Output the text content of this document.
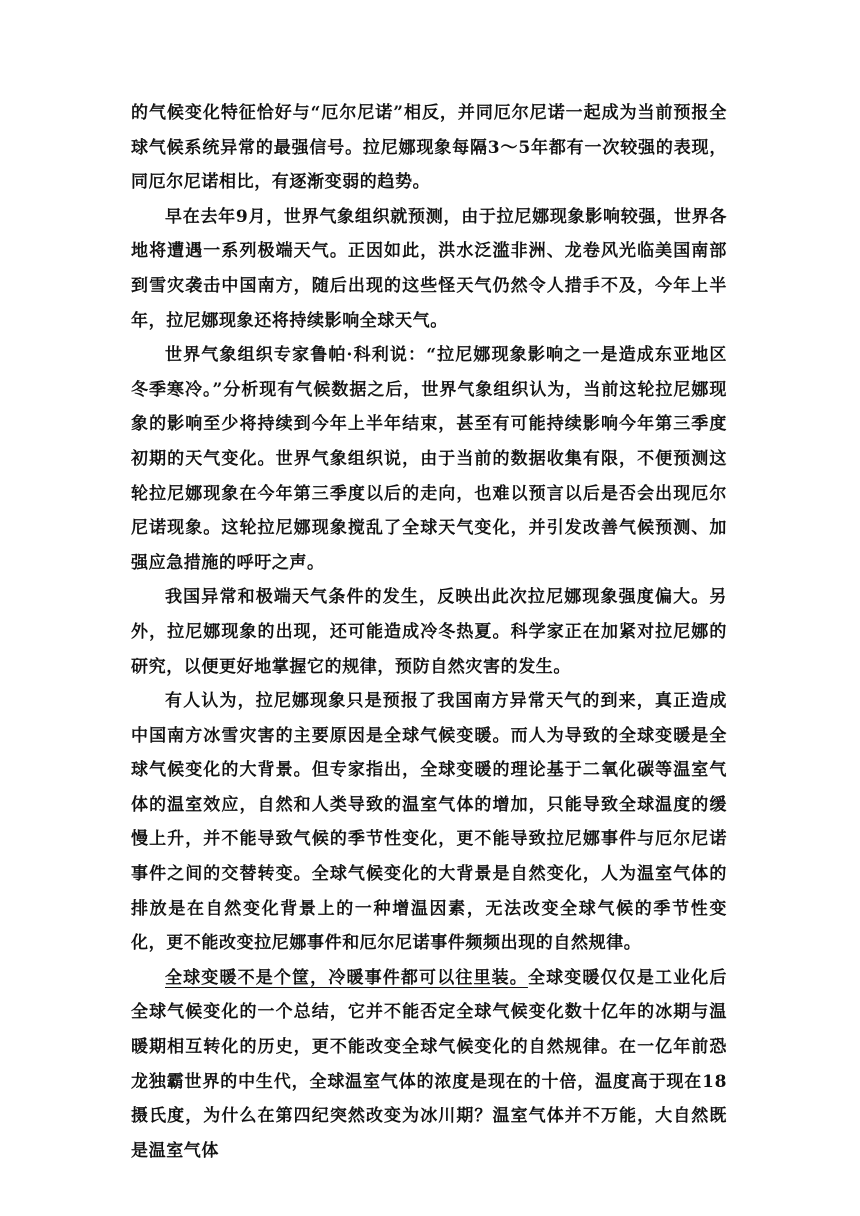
的气候变化特征恰好与“厄尔尼诺”相反，并同厄尔尼诺一起成为当前预报全球气候系统异常的最强信号。拉尼娜现象每隔3～5年都有一次较强的表现，同厄尔尼诺相比，有逐渐变弱的趋势。

早在去年9月，世界气象组织就预测，由于拉尼娜现象影响较强，世界各地将遭遇一系列极端天气。正因如此，洪水泛滥非洲、龙卷风光临美国南部到雪灾袭击中国南方，随后出现的这些怪天气仍然令人措手不及，今年上半年，拉尼娜现象还将持续影响全球天气。

世界气象组织专家鲁帕·科利说：“拉尼娜现象影响之一是造成东亚地区冬季寒冷。”分析现有气候数据之后，世界气象组织认为，当前这轮拉尼娜现象的影响至少将持续到今年上半年结束，甚至有可能持续影响今年第三季度初期的天气变化。世界气象组织说，由于当前的数据收集有限，不便预测这轮拉尼娜现象在今年第三季度以后的走向，也难以预言以后是否会出现厄尔尼诺现象。这轮拉尼娜现象搅乱了全球天气变化，并引发改善气候预测、加强应急措施的呼吁之声。

我国异常和极端天气条件的发生，反映出此次拉尼娜现象强度偏大。另外，拉尼娜现象的出现，还可能造成冷冬热夏。科学家正在加紧对拉尼娜的研究，以便更好地掌握它的规律，预防自然灾害的发生。

有人认为，拉尼娜现象只是预报了我国南方异常天气的到来，真正造成中国南方冰雪灾害的主要原因是全球气候变暖。而人为导致的全球变暖是全球气候变化的大背景。但专家指出，全球变暖的理论基于二氧化碳等温室气体的温室效应，自然和人类导致的温室气体的增加，只能导致全球温度的缓慢上升，并不能导致气候的季节性变化，更不能导致拉尼娜事件与厄尔尼诺事件之间的交替转变。全球气候变化的大背景是自然变化，人为温室气体的排放是在自然变化背景上的一种增温因素，无法改变全球气候的季节性变化，更不能改变拉尼娜事件和厄尔尼诺事件频频出现的自然规律。

全球变暖不是个筐，冷暖事件都可以往里装。全球变暖仅仅是工业化后全球气候变化的一个总结，它并不能否定全球气候变化数十亿年的冰期与温暖期相互转化的历史，更不能改变全球气候变化的自然规律。在一亿年前恐龙独霸世界的中生代，全球温室气体的浓度是现在的十倍，温度高于现在18摄氏度，为什么在第四纪突然改变为冰川期？温室气体并不万能，大自然既是温室气体
